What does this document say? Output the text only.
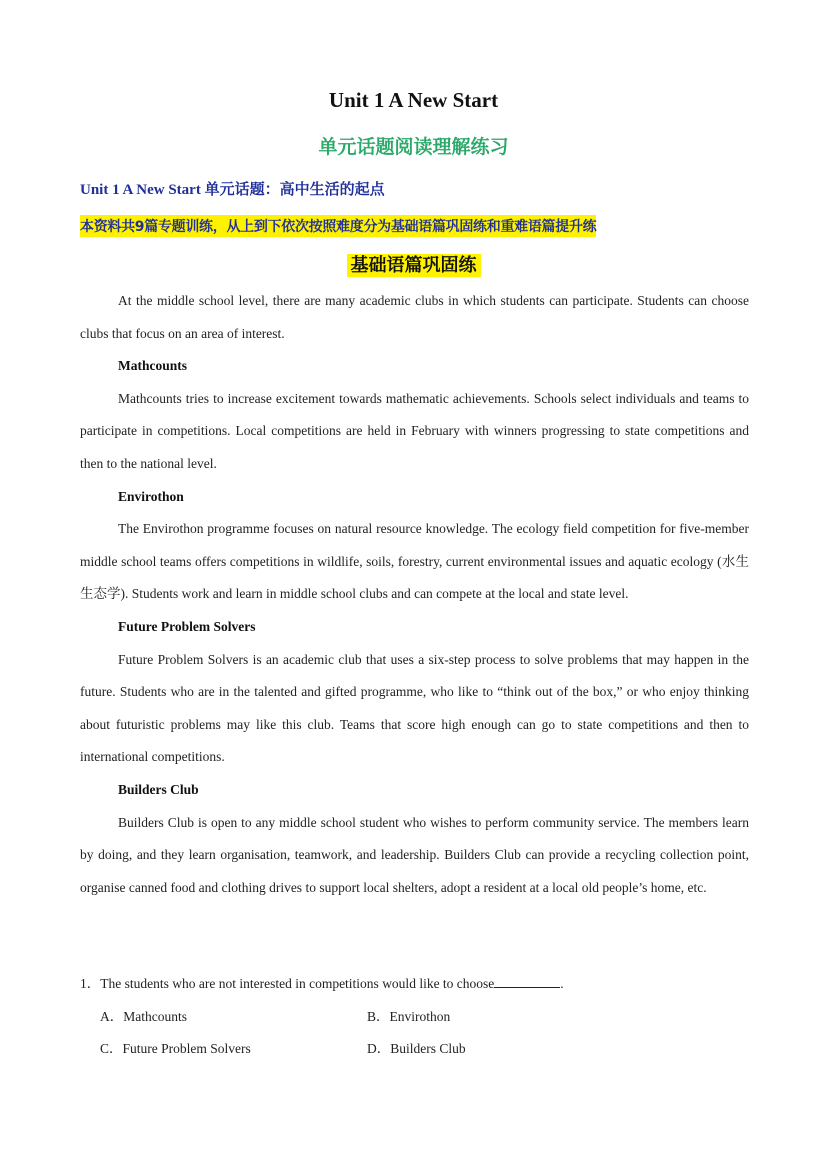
Unit 1 A New Start
单元话题阅读理解练习
Unit 1 A New Start 单元话题：高中生活的起点
本资料共9篇专题训练，从上到下依次按照难度分为基础语篇巩固练和重难语篇提升练
基础语篇巩固练

At the middle school level, there are many academic clubs in which students can participate. Students can choose clubs that focus on an area of interest.

Mathcounts

Mathcounts tries to increase excitement towards mathematic achievements. Schools select individuals and teams to participate in competitions. Local competitions are held in February with winners progressing to state competitions and then to the national level.

Envirothon

The Envirothon programme focuses on natural resource knowledge. The ecology field competition for five-member middle school teams offers competitions in wildlife, soils, forestry, current environmental issues and aquatic ecology (水生生态学). Students work and learn in middle school clubs and can compete at the local and state level.

Future Problem Solvers

Future Problem Solvers is an academic club that uses a six-step process to solve problems that may happen in the future. Students who are in the talented and gifted programme, who like to “think out of the box,” or who enjoy thinking about futuristic problems may like this club. Teams that score high enough can go to state competitions and then to international competitions.

Builders Club

Builders Club is open to any middle school student who wishes to perform community service. The members learn by doing, and they learn organisation, teamwork, and leadership. Builders Club can provide a recycling collection point, organise canned food and clothing drives to support local shelters, adopt a resident at a local old people’s home, etc.

1．The students who are not interested in competitions would like to choose	.

A．Mathcounts	B．Envirothon
C．Future Problem Solvers	D．Builders Club
